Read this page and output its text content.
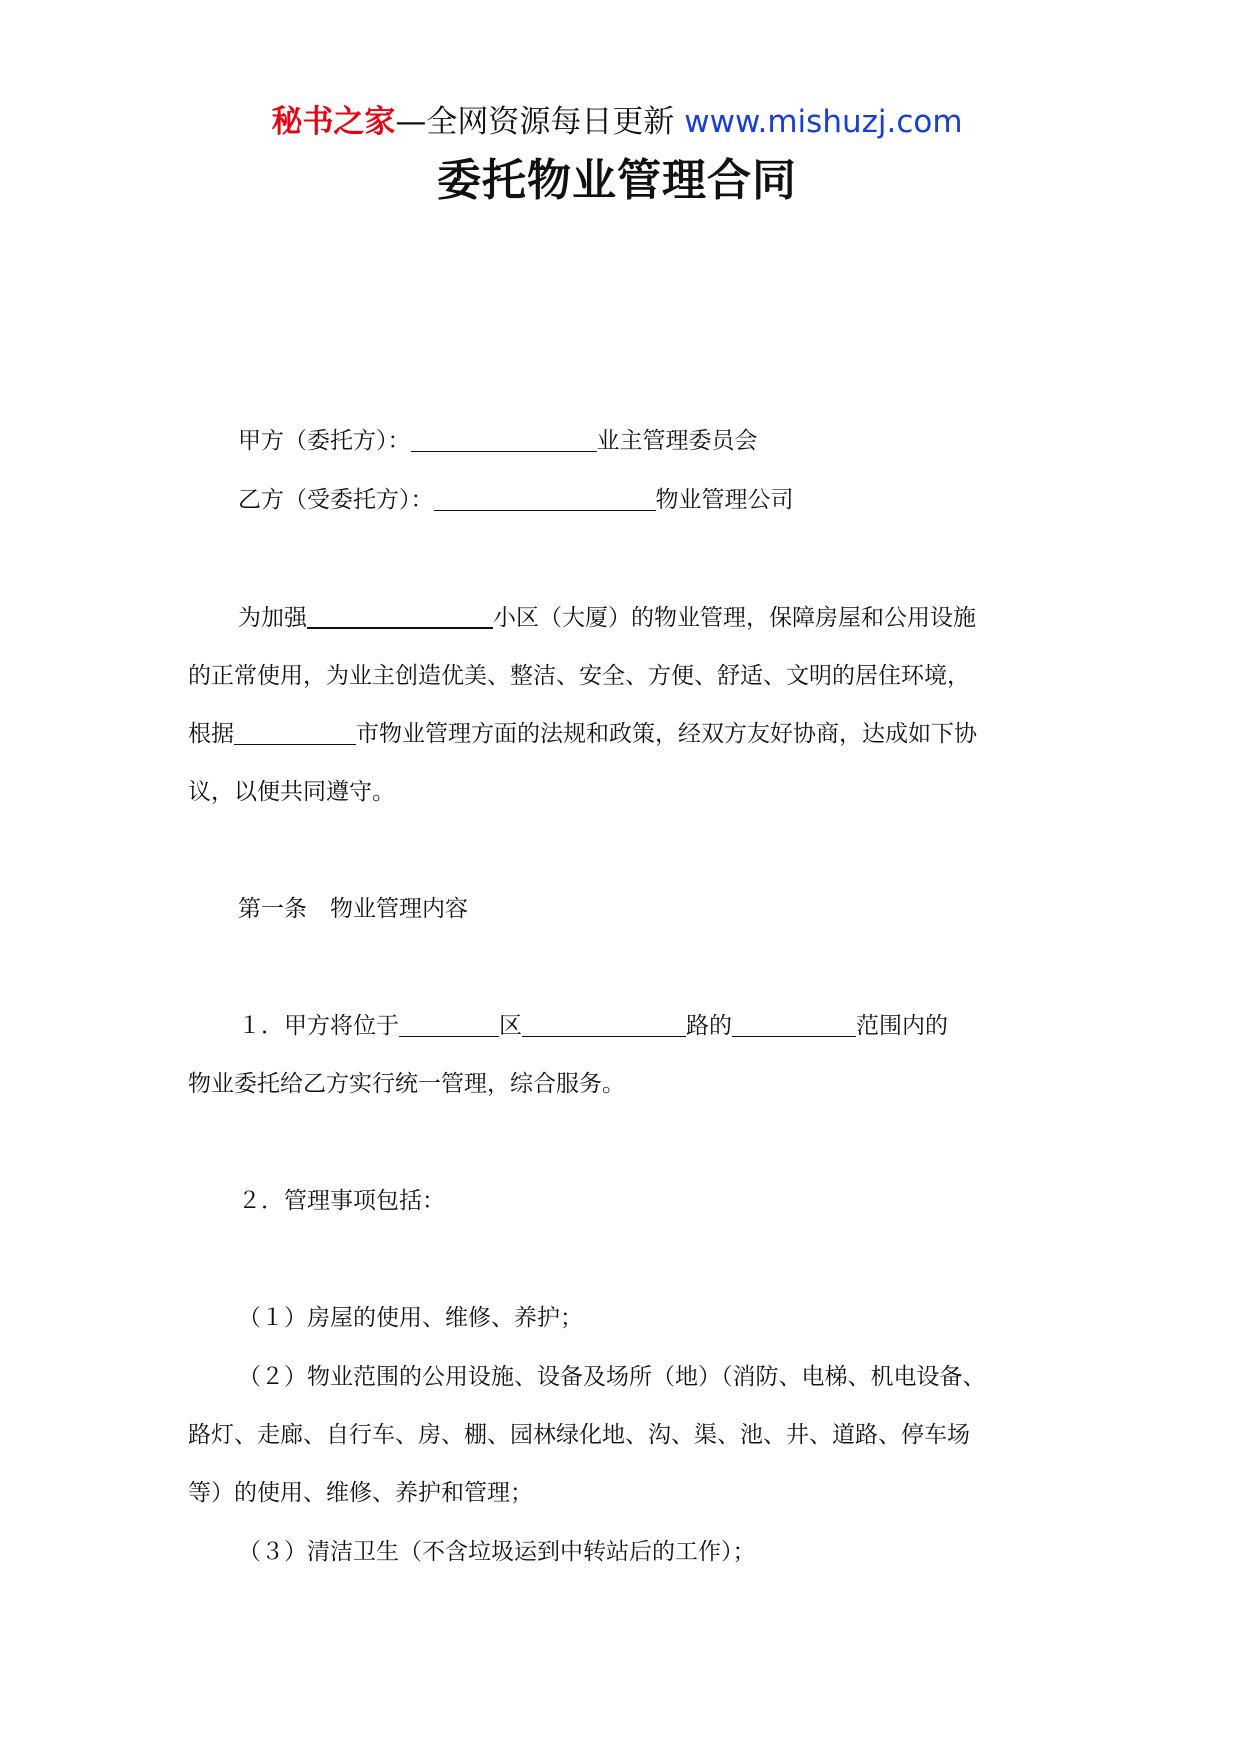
秘书之家—全网资源每日更新 www.mishuzj.com
委托物业管理合同
甲方（委托方）：	业主管理委员会
乙方（受委托方）：	物业管理公司
为加强	小区（大厦）的物业管理，保障房屋和公用设施
的正常使用，为业主创造优美、整洁、安全、方便、舒适、文明的居住环境，
根据	市物业管理方面的法规和政策，经双方友好协商，达成如下协
议，以便共同遵守。
第一条　物业管理内容
１．甲方将位于	区	路的	范围内的
物业委托给乙方实行统一管理，综合服务。
２．管理事项包括：
（１）房屋的使用、维修、养护；
（２）物业范围的公用设施、设备及场所（地）（消防、电梯、机电设备、
路灯、走廊、自行车、房、棚、园林绿化地、沟、渠、池、井、道路、停车场
等）的使用、维修、养护和管理；
（３）清洁卫生（不含垃圾运到中转站后的工作）；
